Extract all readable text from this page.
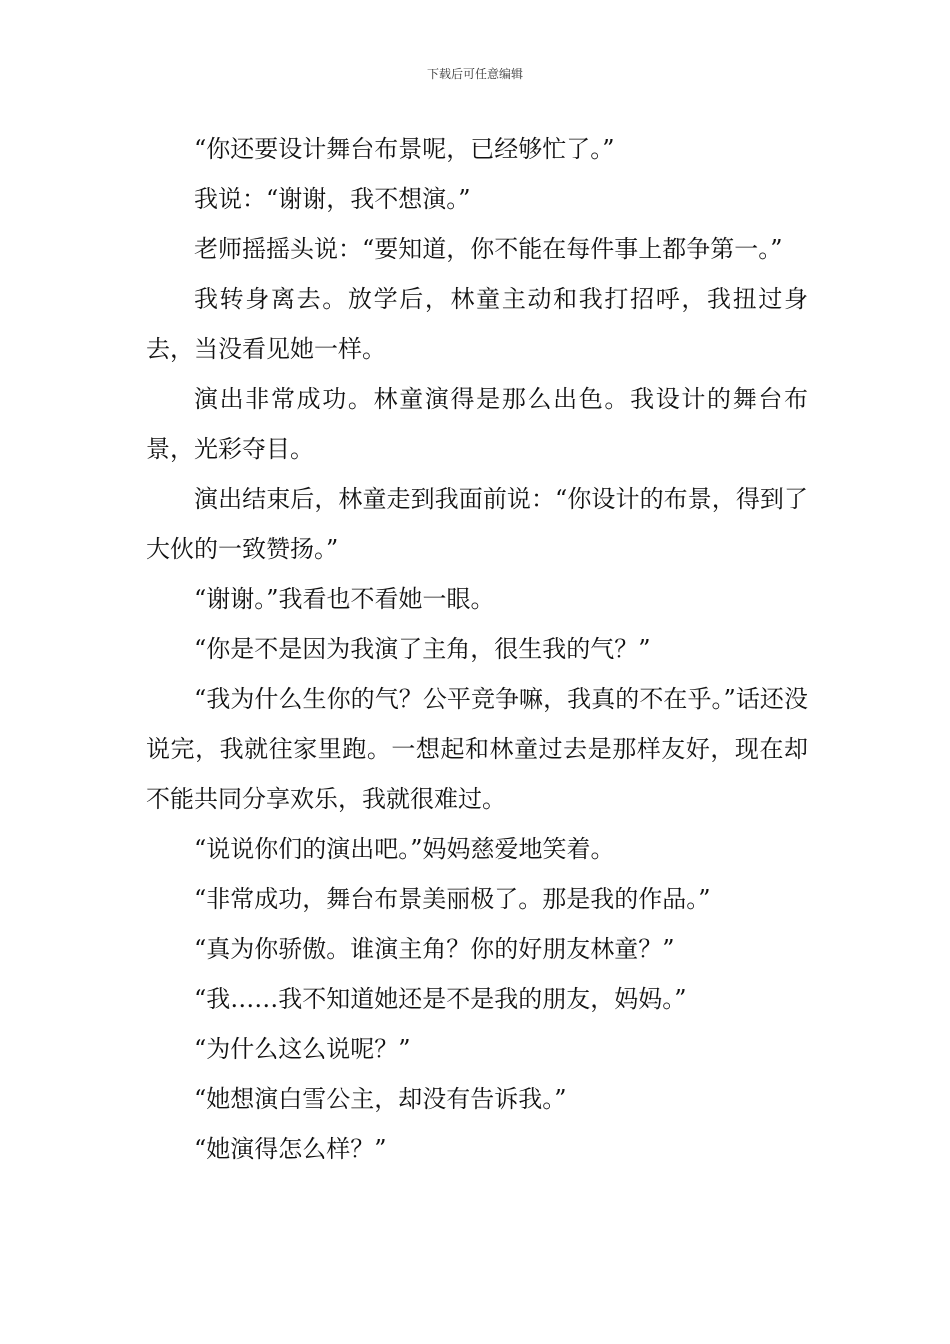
下载后可任意编辑

“你还要设计舞台布景呢，已经够忙了。”

我说：“谢谢，我不想演。”

老师摇摇头说：“要知道，你不能在每件事上都争第一。”

我转身离去。放学后，林童主动和我打招呼，我扭过身去，当没看见她一样。

演出非常成功。林童演得是那么出色。我设计的舞台布景，光彩夺目。

演出结束后，林童走到我面前说：“你设计的布景，得到了大伙的一致赞扬。”

“谢谢。”我看也不看她一眼。

“你是不是因为我演了主角，很生我的气？”

“我为什么生你的气？公平竞争嘛，我真的不在乎。”话还没说完，我就往家里跑。一想起和林童过去是那样友好，现在却不能共同分享欢乐，我就很难过。

“说说你们的演出吧。”妈妈慈爱地笑着。

“非常成功，舞台布景美丽极了。那是我的作品。”

“真为你骄傲。谁演主角？你的好朋友林童？”

“我……我不知道她还是不是我的朋友，妈妈。”

“为什么这么说呢？”

“她想演白雪公主，却没有告诉我。”

“她演得怎么样？”
